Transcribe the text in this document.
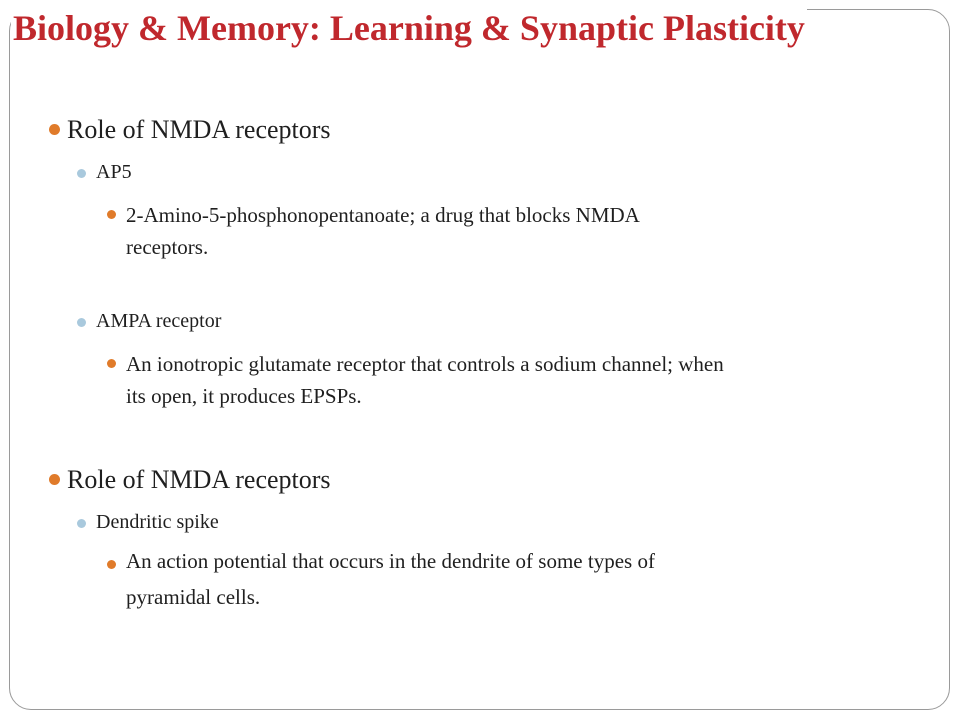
Biology & Memory: Learning & Synaptic Plasticity

Role of NMDA receptors

AP5

2-Amino-5-phosphonopentanoate; a drug that blocks NMDA

receptors.

AMPA receptor

An ionotropic glutamate receptor that controls a sodium channel; when

its open, it produces EPSPs.

Role of NMDA receptors

Dendritic spike

An action potential that occurs in the dendrite of some types of

pyramidal cells.
